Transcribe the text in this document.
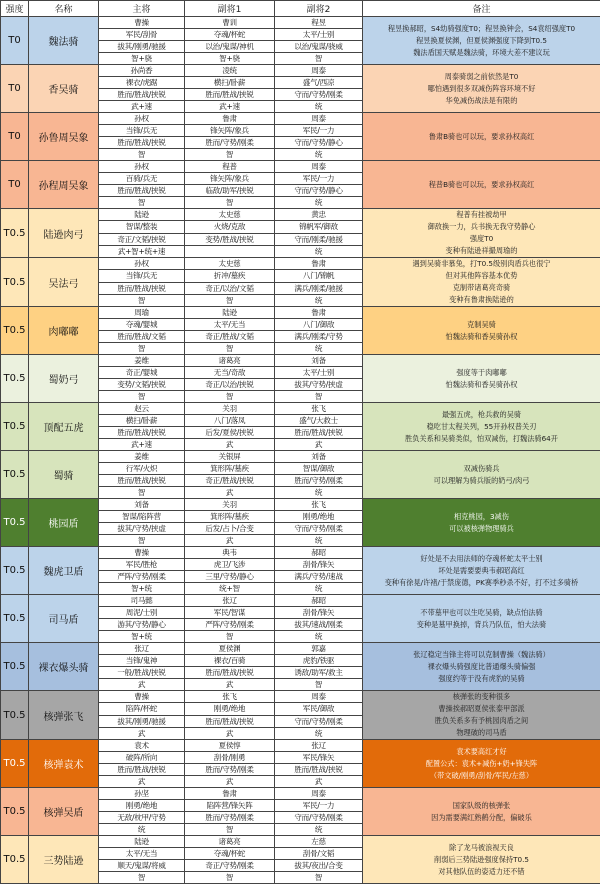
强度	名称	主将	副将1	副将2	备注
T0	魏法骑	曹操	曹训	程昱	程昱换郝昭，S4幼骑强度T0；程昱换钟会，S4袁绍强度T0
程昱换夏侯渊，但夏侯渊强度下降到T0.5
魏法盾国天赋是魏法骑，环境大差不建议玩

		军民/刮骨	夺魂/杯蛇	太平/士别	
		拔其/刚勇/驰援	以治/鬼谋/神机	以治/鬼谋/骁威	
		智+骁	智+骁	智	
T0	香吴骑	孙尚香	凌统	周泰	周泰骑弱之前依然是T0
哪怕遇到很多双减伤阵容环境不好
华免减伤战法是有限的

		裸衣/虎踞	横扫/卧薪	盛气/西凉	
		胜而/胜战/挟锐	胜而/胜战/挟锐	守而/守势/刚柔	
		武+速	武+速	统	
T0	孙鲁周吴象	孙权	鲁肃	周泰	鲁肃B骑也可以玩，要求孙权高红

		当锋/兵无	锋矢阵/象兵	军民/一力	
		胜而/胜战/挟锐	胜而/守势/刚柔	守而/守势/静心	
		智	智	统	
T0	孙程周吴象	孙权	程普	周泰	程普B骑也可以玩，要求孙权高红

		百骑/兵无	锋矢阵/象兵	军民/一力	
		胜而/胜战/挟锐	临敌/助军/挟锐	守而/守势/静心	
		智	智	统	
T0.5	陆逊肉弓	陆逊	太史慈	黄忠	程普有挂被劫甲
御敌换一力，兵书换无我守势静心
强度T0
变种有陆逊祥撮周瑜的

		智谋/整装	火烧/克敌	锦帆军/御敌	
		奇正/文韬/挟锐	变势/胜战/挟锐	守而/刚柔/驰援	
		武+智+统+速		统	
T0.5	吴法弓	孙权	太史慈	鲁肃	遇到吴骑非慕兔，打T0.5级别肉盾兵也很宁
但对其他阵容基本优势
克制带诸葛亮奇骑
变种有鲁肃换陆逊的

		当锋/兵无	折冲/墓疾	八门/锦帆	
		胜而/胜战/挟锐	奇正/以治/文韬	满兵/刚柔/驰援	
		智	智	统	
T0.5	肉嘟嘟	周瑜	陆逊	鲁肃	克制吴骑
怕魏法骑和香吴骑孙权

		夺魂/婴城	太平/无当	八门/御敌	
		胜而/胜战/文韬	奇正/胜战/文韬	满兵/刚柔/守势	
		智	智	统	
T0.5	蜀奶弓	姜维	诸葛亮	刘备	强度等于肉嘟嘟
怕魏法骑和香吴骑孙权

		奇正/婴城	无当/奇敌	太平/士别	
		变势/文韬/挟锐	奇正/以治/挟锐	拔其/守势/挟虚	
		智	智	智	
T0.5	顶配五虎	赵云	关羽	张飞	最强五虎，枪兵救的吴骑
稳吃甘太程关列，55开孙权普关刃
胜负关系和吴骑类似，怕双减伤，打魏法骑64开

		横扫/卧薪	八门/落凤	盛气/大救士	
		胜而/胜战/挟锐	后发/夏侯/挟锐	胜而/胜战/挟锐	
		武+速	武	武	
T0.5	蜀骑	姜维	关银屏	刘备	双减伤骑兵
可以理解为骑兵版的奶弓/肉弓

		行军/火炽	箕形阵/墓疾	智谋/御敌	
		胜而/胜战/挟锐	奇正/胜战/挟锐	胜而/守势/刚柔	
		智	武	统	
T0.5	桃园盾	刘备	关羽	张飞	相克桃园，3减伤
可以被核弹物理骑兵

		智谋/陷阵营	箕形阵/墓疾	刚勇/绝地	
		拔其/守势/挟虚	后发/占卜/合变	守而/守势/刚柔	
		智	武	统	
T0.5	魏虎卫盾	曹操	典韦	郝昭	好处是不去用法师的夺魂杯蛇太平士别
坏处是需要要典韦郝昭高红
变种有徐晃/许褚/于禁庞德，PK赛季秒杀不好，打不过多骑桥

		军民/胜枪	虎卫/飞涉	刮骨/锋矢	
		严阵/守势/刚柔	三里/守势/静心	满兵/守势/速战	
		智+统	统+智	统	
T0.5	司马盾	司马懿	张辽	郝昭	不带墓甲也可以生吃吴骑，缺点怕法骑
变种是墓甲换掉，背兵乃队伍，怕大法骑

		周泥/士别	军民/智谋	刮骨/锋矢	
		游其/守势/静心	严阵/守势/刚柔	拔其/速战/刚柔	
		智+统	智	统	
T0.5	裸衣爆头骑	张辽	夏侯渊	郭嘉	张辽稳定当锋主将可以克制曹操（魏法骑）
裸衣爆头骑强度比普通爆头骑偏强
强度约等于没有虎豹的吴骑

		当锋/鬼神	裸衣/百骑	虎豹/铁驱	
		一般/胜战/挟锐	胜而/胜战/挟锐	诱敌/助军/救主	
		武	武	智	
T0.5	核弹张飞	曹操	张飞	周泰	核弹张的变种很多
曹操挨郝昭夏侯张泰甲部派
胜负关系多有予桃园肉盾之间
物理破的司马盾

		陷阵/杯蛇	刚勇/绝地	军民/御敌	
		拔其/刚勇/驰援	胜而/胜战/挟锐	守而/守势/刚柔	
		武	武	统	
T0.5	核弹袁术	袁术	夏侯惇	张辽	袁术要高红才好
配置公式：袁术+减伤+奶+锋失阵
（带文破/刚勇/刮骨/军民/左慈）

		破阵/所向	刮骨/刚勇	军民/锋矢	
		胜而/胜战/挟锐	胜而/守势/刚柔	胜而/胜战/挟锐	
		武	武	武	
T0.5	核弹吴盾	孙坚	鲁肃	周泰	国家队级的核弹张
因为需要满红熟鹤分配，偏破乐

		刚勇/绝地	陷阵营/锋矢阵	军民/一力	
		无敌/枕甲/守势	胜而/守势/刚柔	守而/守势/刚柔	
		统	智	统	
T0.5	三势陆逊	陆逊	诸葛亮	左慈	除了龙马被浪视天良
削弱后三势陆逊强度保持T0.5
对其他队伍的姿适力还不错

		太平/无当	夺魂/杯蛇	刮骨/文韬	
		顺天/鬼谋/将威	奇正/守势/刚柔	拔其/夜出/合变	
		智	智	智	
